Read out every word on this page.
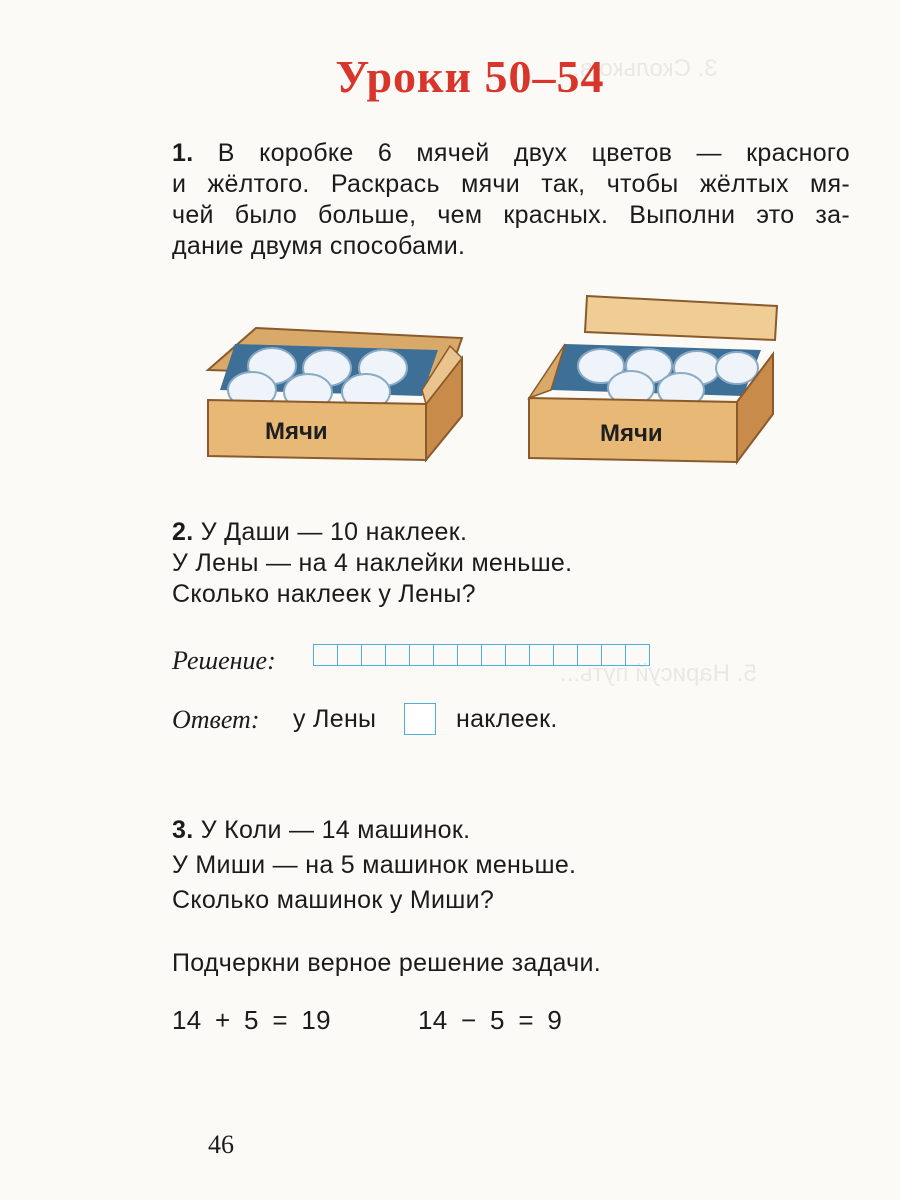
3. Сколько в...
5. Нарисуй путь...
Уроки 50–54

1. В коробке 6 мячей двух цветов — красного

и жёлтого. Раскрась мячи так, чтобы жёлтых мя-

чей было больше, чем красных. Выполни это за-

дание двумя способами.

Мячи	Мячи

2. У Даши — 10 наклеек.

У Лены — на 4 наклейки меньше.

Сколько наклеек у Лены?

Решение:
Ответ: у Лены	наклеек.

3. У Коли — 14 машинок.

У Миши — на 5 машинок меньше.

Сколько машинок у Миши?

Подчеркни верное решение задачи.
14 + 5 = 19	14 − 5 = 9
46
